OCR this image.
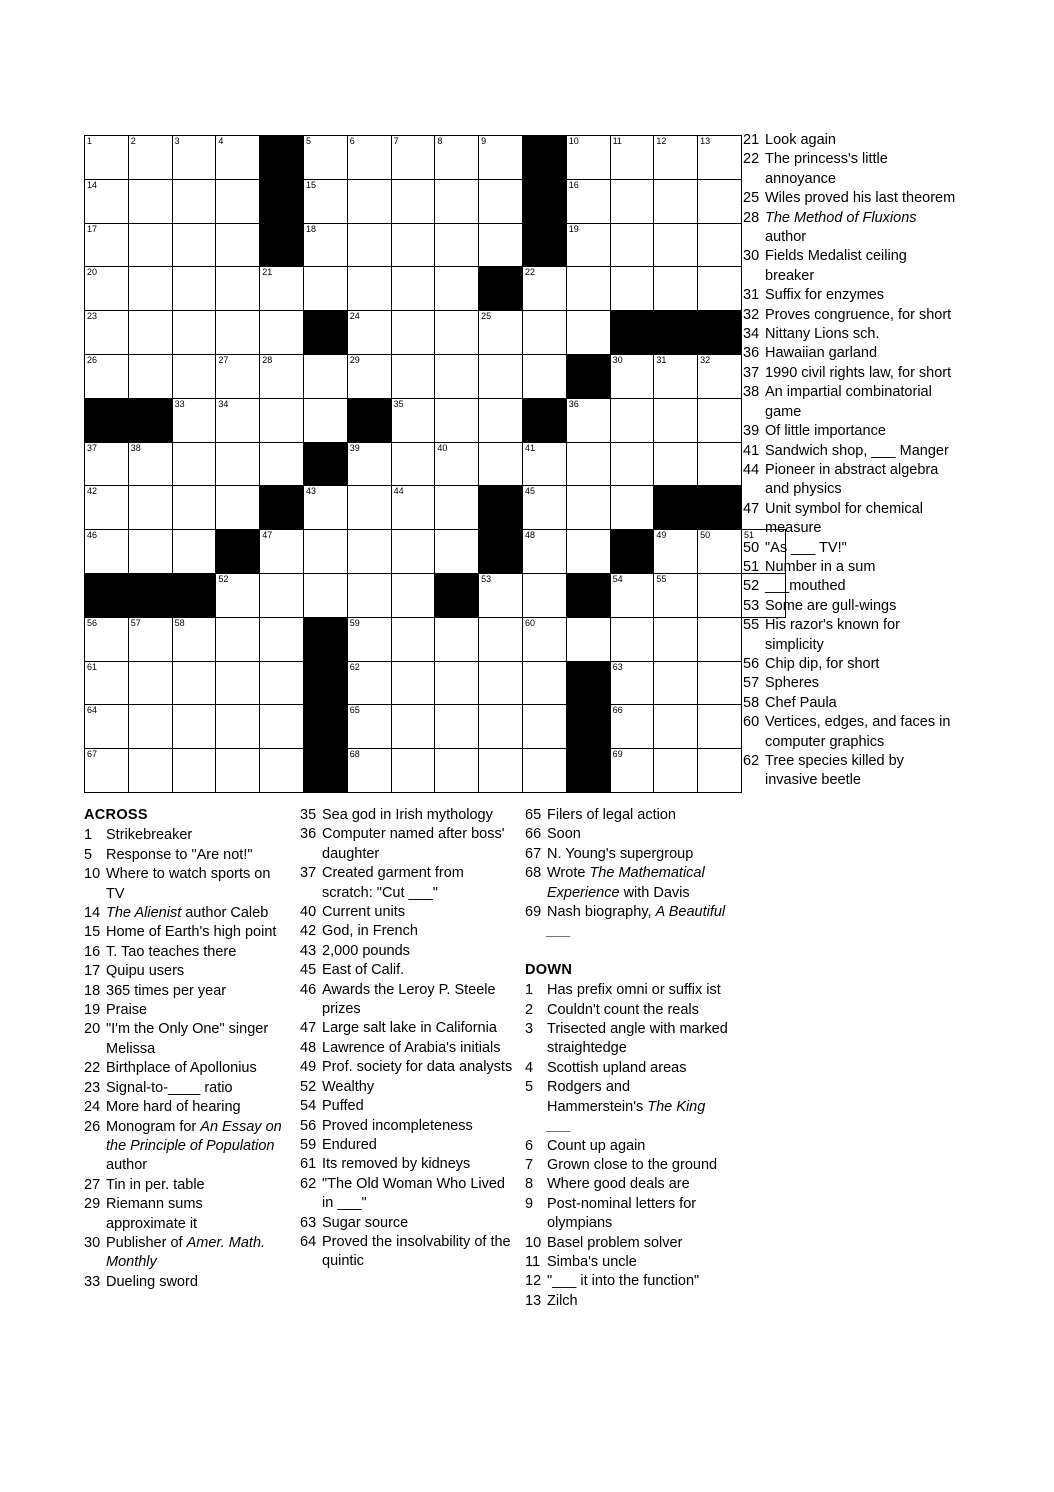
1	2	3	4		5	6	7	8	9		10	11	12	13	

14					15						16				

17					18						19				

20				21						22					

23						24			25						

26			27	28		29						30	31	32	

		33	34				35				36				

37	38					39		40		41					

42					43		44			45					

46				47						48			49	50	51

			52						53			54	55		

56	57	58				59				60					

61						62						63			

64						65						66			

67						68						69			

ACROSS
1 Strikebreaker
5 Response to "Are not!"
10 Where to watch sports on TV
14 The Alienist author Caleb
15 Home of Earth's high point
16 T. Tao teaches there
17 Quipu users
18 365 times per year
19 Praise
20 "I'm the Only One" singer Melissa
22 Birthplace of Apollonius
23 Signal-to-____ ratio
24 More hard of hearing
26 Monogram for An Essay on the Principle of Population author
27 Tin in per. table
29 Riemann sums approximate it
30 Publisher of Amer. Math. Monthly
33 Dueling sword
35 Sea god in Irish mythology
36 Computer named after boss' daughter
37 Created garment from scratch: "Cut ___"
40 Current units
42 God, in French
43 2,000 pounds
45 East of Calif.
46 Awards the Leroy P. Steele prizes
47 Large salt lake in California
48 Lawrence of Arabia's initials
49 Prof. society for data analysts
52 Wealthy
54 Puffed
56 Proved incompleteness
59 Endured
61 Its removed by kidneys
62 "The Old Woman Who Lived in ___"
63 Sugar source
64 Proved the insolvability of the quintic
65 Filers of legal action
66 Soon
67 N. Young's supergroup
68 Wrote The Mathematical Experience with Davis
69 Nash biography, A Beautiful ___
DOWN
1 Has prefix omni or suffix ist
2 Couldn't count the reals
3 Trisected angle with marked straightedge
4 Scottish upland areas
5 Rodgers and Hammerstein's The King ___
6 Count up again
7 Grown close to the ground
8 Where good deals are
9 Post-nominal letters for olympians
10 Basel problem solver
11 Simba's uncle
12 "___ it into the function"
13 Zilch
21 Look again
22 The princess's little annoyance
25 Wiles proved his last theorem
28 The Method of Fluxions author
30 Fields Medalist ceiling breaker
31 Suffix for enzymes
32 Proves congruence, for short
34 Nittany Lions sch.
36 Hawaiian garland
37 1990 civil rights law, for short
38 An impartial combinatorial game
39 Of little importance
41 Sandwich shop, ___ Manger
44 Pioneer in abstract algebra and physics
47 Unit symbol for chemical measure
50 "As ___ TV!"
51 Number in a sum
52 ___mouthed
53 Some are gull-wings
55 His razor's known for simplicity
56 Chip dip, for short
57 Spheres
58 Chef Paula
60 Vertices, edges, and faces in computer graphics
62 Tree species killed by invasive beetle
